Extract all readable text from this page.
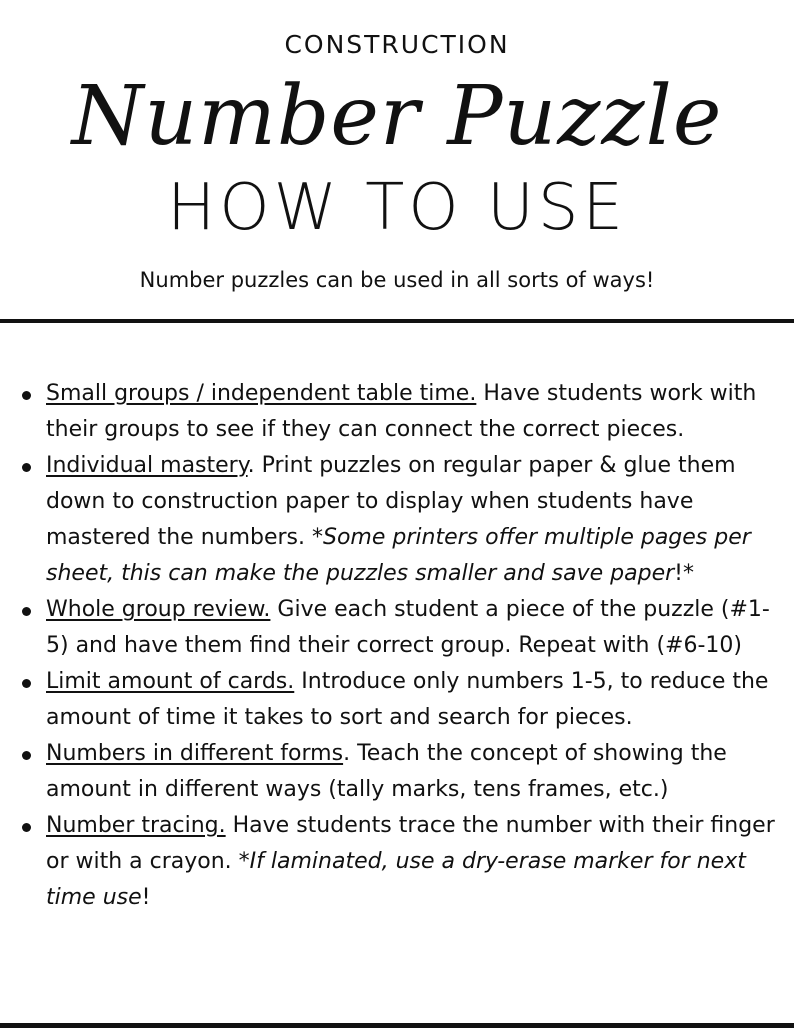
CONSTRUCTION
Number Puzzle
HOW TO USE
Number puzzles can be used in all sorts of ways!
Small groups / independent table time. Have students work with their groups to see if they can connect the correct pieces.
Individual mastery. Print puzzles on regular paper & glue them down to construction paper to display when students have mastered the numbers. *Some printers offer multiple pages per sheet, this can make the puzzles smaller and save paper!*
Whole group review. Give each student a piece of the puzzle (#1-5) and have them find their correct group. Repeat with (#6-10)
Limit amount of cards. Introduce only numbers 1-5, to reduce the amount of time it takes to sort and search for pieces.
Numbers in different forms. Teach the concept of showing the amount in different ways (tally marks, tens frames, etc.)
Number tracing. Have students trace the number with their finger or with a crayon. *If laminated, use a dry-erase marker for next time use!
